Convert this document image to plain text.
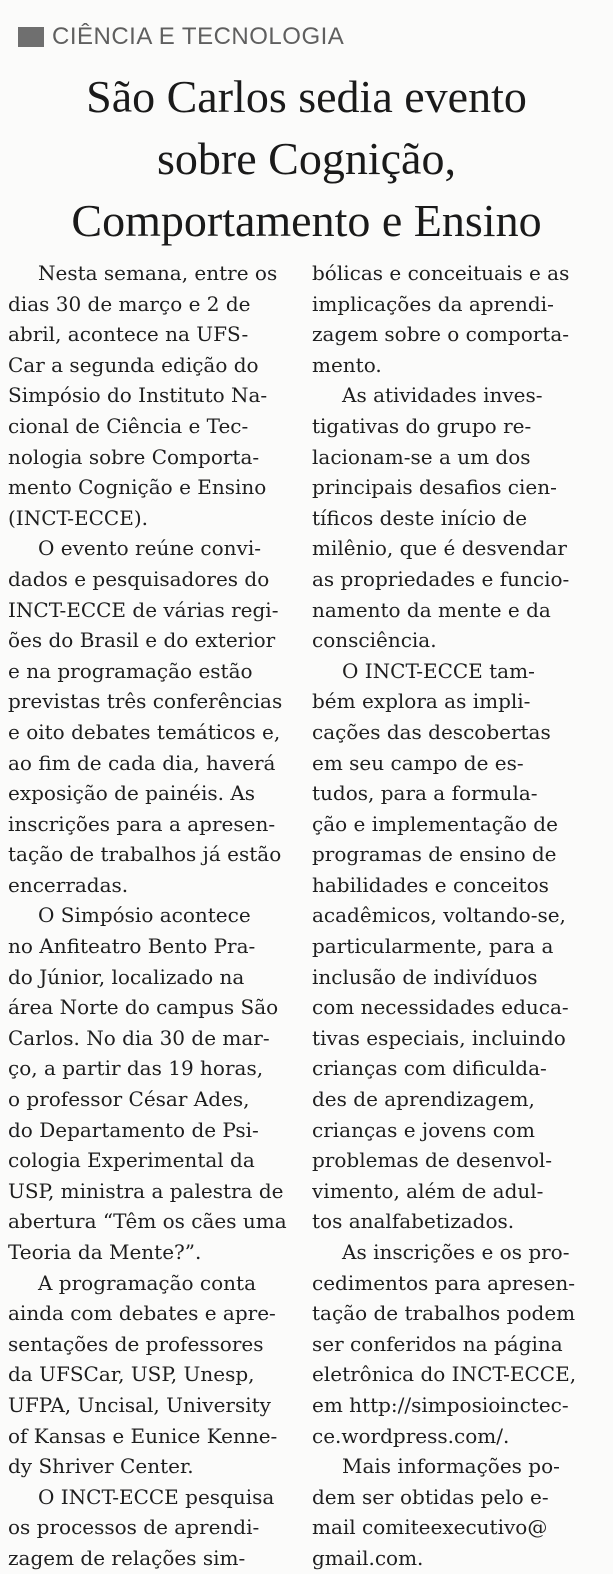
CIÊNCIA E TECNOLOGIA
São Carlos sedia evento
sobre Cognição,
Comportamento e Ensino
Nesta semana, entre os
dias 30 de março e 2 de
abril, acontece na UFS-
Car a segunda edição do
Simpósio do Instituto Na-
cional de Ciência e Tec-
nologia sobre Comporta-
mento Cognição e Ensino
(INCT-ECCE).
O evento reúne convi-
dados e pesquisadores do
INCT-ECCE de várias regi-
ões do Brasil e do exterior
e na programação estão
previstas três conferências
e oito debates temáticos e,
ao fim de cada dia, haverá
exposição de painéis. As
inscrições para a apresen-
tação de trabalhos já estão
encerradas.
O Simpósio acontece
no Anfiteatro Bento Pra-
do Júnior, localizado na
área Norte do campus São
Carlos. No dia 30 de mar-
ço, a partir das 19 horas,
o professor César Ades,
do Departamento de Psi-
cologia Experimental da
USP, ministra a palestra de
abertura “Têm os cães uma
Teoria da Mente?”.
A programação conta
ainda com debates e apre-
sentações de professores
da UFSCar, USP, Unesp,
UFPA, Uncisal, University
of Kansas e Eunice Kenne-
dy Shriver Center.
O INCT-ECCE pesquisa
os processos de aprendi-
zagem de relações sim-
bólicas e conceituais e as
implicações da aprendi-
zagem sobre o comporta-
mento.
As atividades inves-
tigativas do grupo re-
lacionam-se a um dos
principais desafios cien-
tíficos deste início de
milênio, que é desvendar
as propriedades e funcio-
namento da mente e da
consciência.
O INCT-ECCE tam-
bém explora as impli-
cações das descobertas
em seu campo de es-
tudos, para a formula-
ção e implementação de
programas de ensino de
habilidades e conceitos
acadêmicos, voltando-se,
particularmente, para a
inclusão de indivíduos
com necessidades educa-
tivas especiais, incluindo
crianças com dificulda-
des de aprendizagem,
crianças e jovens com
problemas de desenvol-
vimento, além de adul-
tos analfabetizados.
As inscrições e os pro-
cedimentos para apresen-
tação de trabalhos podem
ser conferidos na página
eletrônica do INCT-ECCE,
em http://simposioinctec-
ce.wordpress.com/.
Mais informações po-
dem ser obtidas pelo e-
mail comiteexecutivo@
gmail.com.
